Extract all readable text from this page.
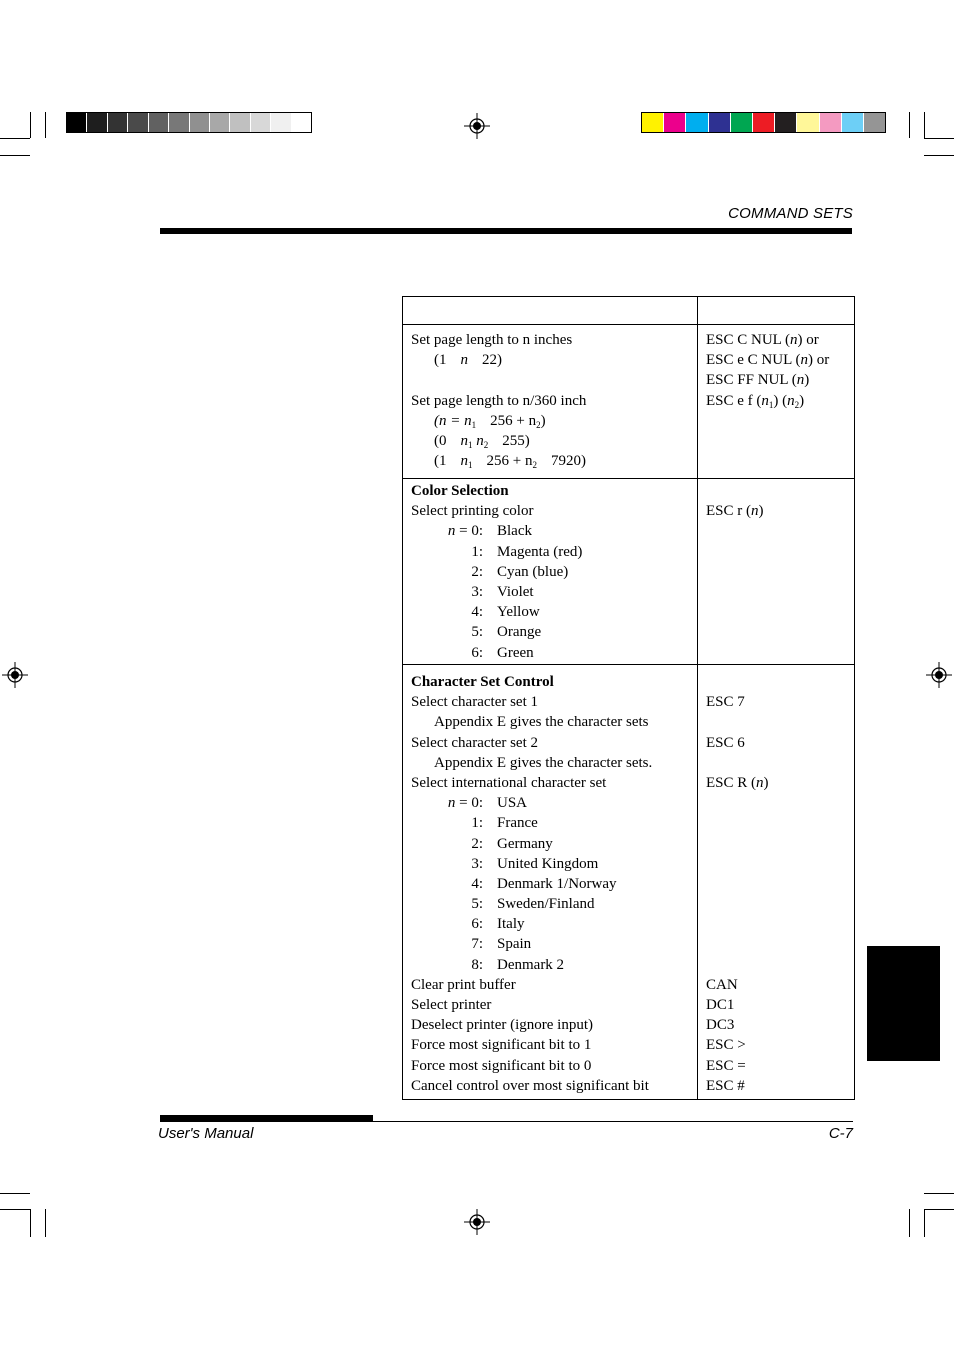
COMMAND SETS
Set page length to n inches
(1 n 22)
Set page length to n/360 inch
($n = n_1$ $256 + n_2$)
(0 $n_1$ $n_2$ 255)
(1 $n_1$ $256 + n_2$ 7920)
ESC C NUL (n) or
ESC e C NUL (n) or
ESC FF NUL (n)
ESC e f $(n_1)$ $(n_2)$
Color Selection
Select printing color
n = 0: Black
1: Magenta (red)
2: Cyan (blue)
3: Violet
4: Yellow
5: Orange
6: Green
ESC r (n)
Character Set Control
Select character set 1
Appendix E gives the character sets
Select character set 2
Appendix E gives the character sets.
Select international character set
n = 0: USA
1: France
2: Germany
3: United Kingdom
4: Denmark 1/Norway
5: Sweden/Finland
6: Italy
7: Spain
8: Denmark 2
Clear print buffer
Select printer
Deselect printer (ignore input)
Force most significant bit to 1
Force most significant bit to 0
Cancel control over most significant bit
ESC 7
ESC 6
ESC R (n)
CAN
DC1
DC3
ESC >
ESC =
ESC #
User's Manual	C-7
